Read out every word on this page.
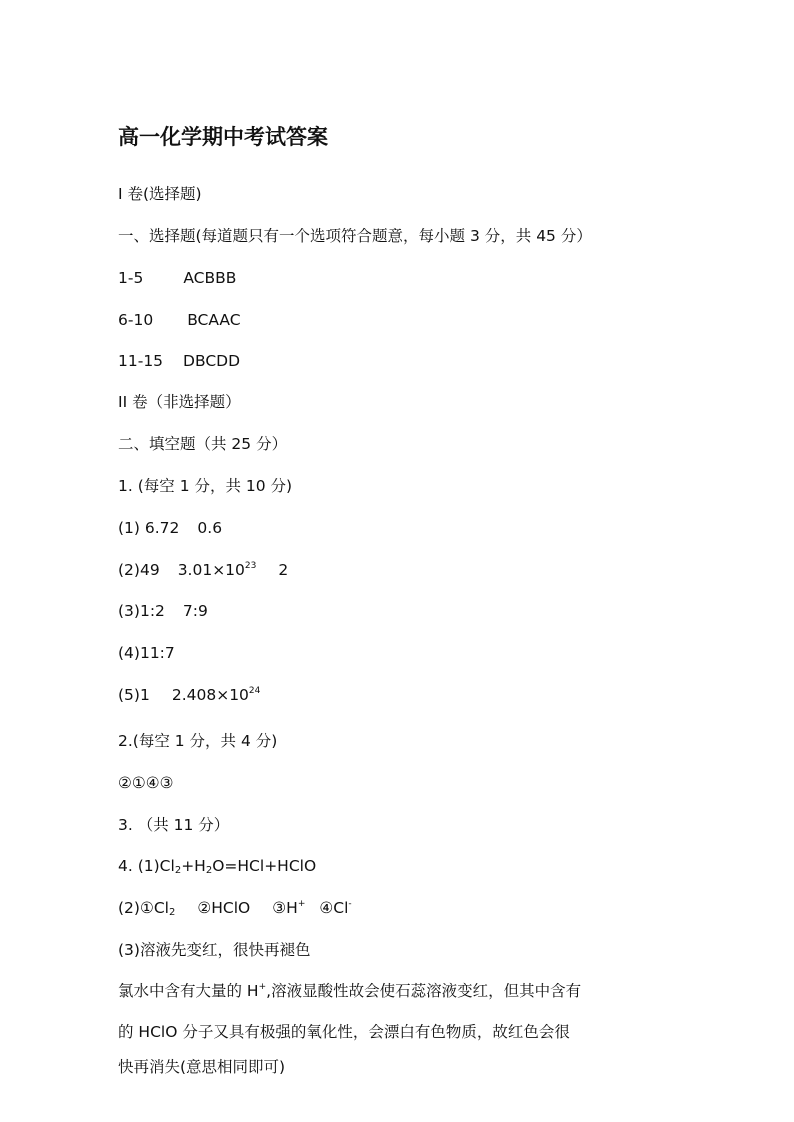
高一化学期中考试答案
I 卷(选择题)
一、选择题(每道题只有一个选项符合题意，每小题 3 分，共 45 分）
1-5	ACBBB
6-10 BCAAC
11-15 DBCDD
II 卷（非选择题）
二、填空题（共 25 分）
1. (每空 1 分，共 10 分)
(1) 6.72 0.6
(2)49 $3.01\times 10^{23}$ 2
(3)1:2 7:9
(4)11:7
(5)1 $2.408\times 10^{24}$
2.(每空 1 分，共 4 分)
②①④③
3. （共 11 分）
4. $(1)Cl_2+H_2O=HCl+HClO$
$(2)①Cl_2$ ②HClO ③H+ ④Cl-
(3)溶液先变红，很快再褪色
氯水中含有大量的 H+,溶液显酸性故会使石蕊溶液变红，但其中含有
的 HClO 分子又具有极强的氧化性，会漂白有色物质，故红色会很
快再消失(意思相同即可)
